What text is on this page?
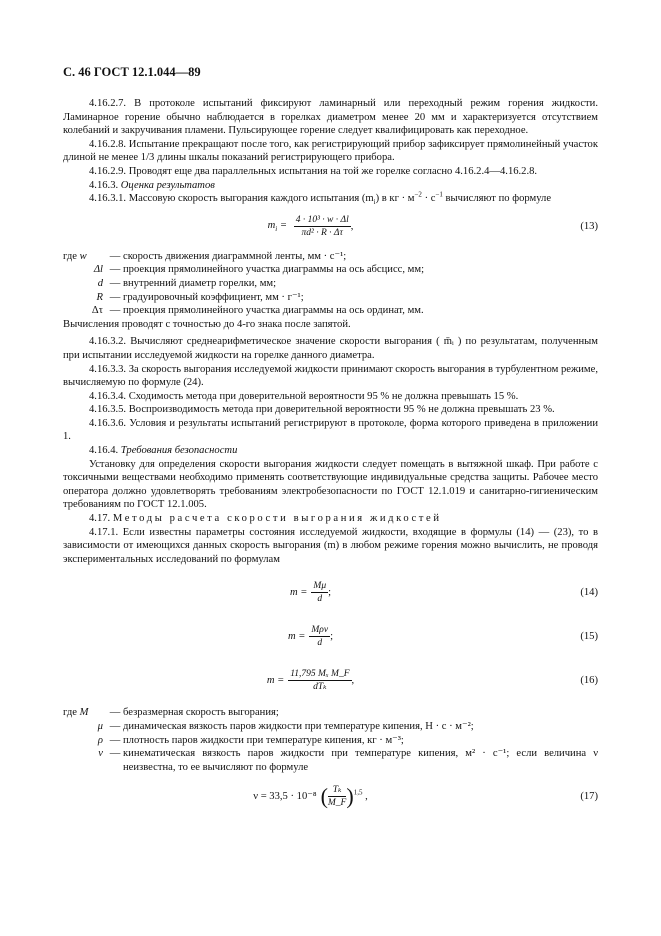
С. 46 ГОСТ 12.1.044—89

4.16.2.7. В протоколе испытаний фиксируют ламинарный или переходный режим горения жидкости. Ламинарное горение обычно наблюдается в горелках диаметром менее 20 мм и характеризуется отсутствием колебаний и закручивания пламени. Пульсирующее горение следует квалифицировать как переходное.

4.16.2.8. Испытание прекращают после того, как регистрирующий прибор зафиксирует прямолинейный участок длиной не менее 1/3 длины шкалы показаний регистрирующего прибора.

4.16.2.9. Проводят еще два параллельных испытания на той же горелке согласно 4.16.2.4—4.16.2.8.

4.16.3. Оценка результатов

4.16.3.1. Массовую скорость выгорания каждого испытания $(m_i)$ в кг · $м^{-2} \cdot с^{-1}$ вычисляют по формуле

$m_i = \frac{\text{4 · 10³ · w · Δl}}{\text{πd² · R · Δτ}}$ ,	(13)
где w	— скорость движения диаграммной ленты, мм · с⁻¹;
Δl — проекция прямолинейного участка диаграммы на ось абсцисс, мм;
d — внутренний диаметр горелки, мм;
R — градуировочный коэффициент, мм · г⁻¹;
Δτ — проекция прямолинейного участка диаграммы на ось ординат, мм.

Вычисления проводят с точностью до 4-го знака после запятой.

4.16.3.2. Вычисляют среднеарифметическое значение скорости выгорания ( m̄ᵢ ) по результатам, полученным при испытании исследуемой жидкости на горелке данного диаметра.

4.16.3.3. За скорость выгорания исследуемой жидкости принимают скорость выгорания в турбулентном режиме, вычисляемую по формуле (24).

4.16.3.4. Сходимость метода при доверительной вероятности 95 % не должна превышать 15 %.

4.16.3.5. Воспроизводимость метода при доверительной вероятности 95 % не должна превышать 23 %.

4.16.3.6. Условия и результаты испытаний регистрируют в протоколе, форма которого приведена в приложении 1.

4.16.4. Требования безопасности

Установку для определения скорости выгорания жидкости следует помещать в вытяжной шкаф. При работе с токсичными веществами необходимо применять соответствующие индивидуальные средства защиты. Рабочее место оператора должно удовлетворять требованиям электробезопасности по ГОСТ 12.1.019 и санитарно-гигиеническим требованиям по ГОСТ 12.1.005.

4.17. Методы расчета скорости выгорания жидкостей

4.17.1. Если известны параметры состояния исследуемой жидкости, входящие в формулы (14) — (23), то в зависимости от имеющихся данных скорость выгорания (m) в любом режиме горения можно вычислить, не проводя экспериментальных исследований по формулам

$m = \frac{M\mu}{d}$ ;	(14)
$m = \frac{\text{Mρν}}{d}$ ;	(15)
$m = \frac{\text{11,795 Mₓ M\_F}}{\text{dTₖ}}$ ,	(16)
где M	— безразмерная скорость выгорания;
μ — динамическая вязкость паров жидкости при температуре кипения, Н · с · м⁻²;
ρ — плотность паров жидкости при температуре кипения, кг · м⁻³;
ν — кинематическая вязкость паров жидкости при температуре кипения, м² · с⁻¹; если величина ν неизвестна, то ее вычисляют по формуле
ν = 33,5 · 10⁻⁸ ( $\frac{\text{Tₖ}}{M\_F} )^{1,5}$ ,	(17)
